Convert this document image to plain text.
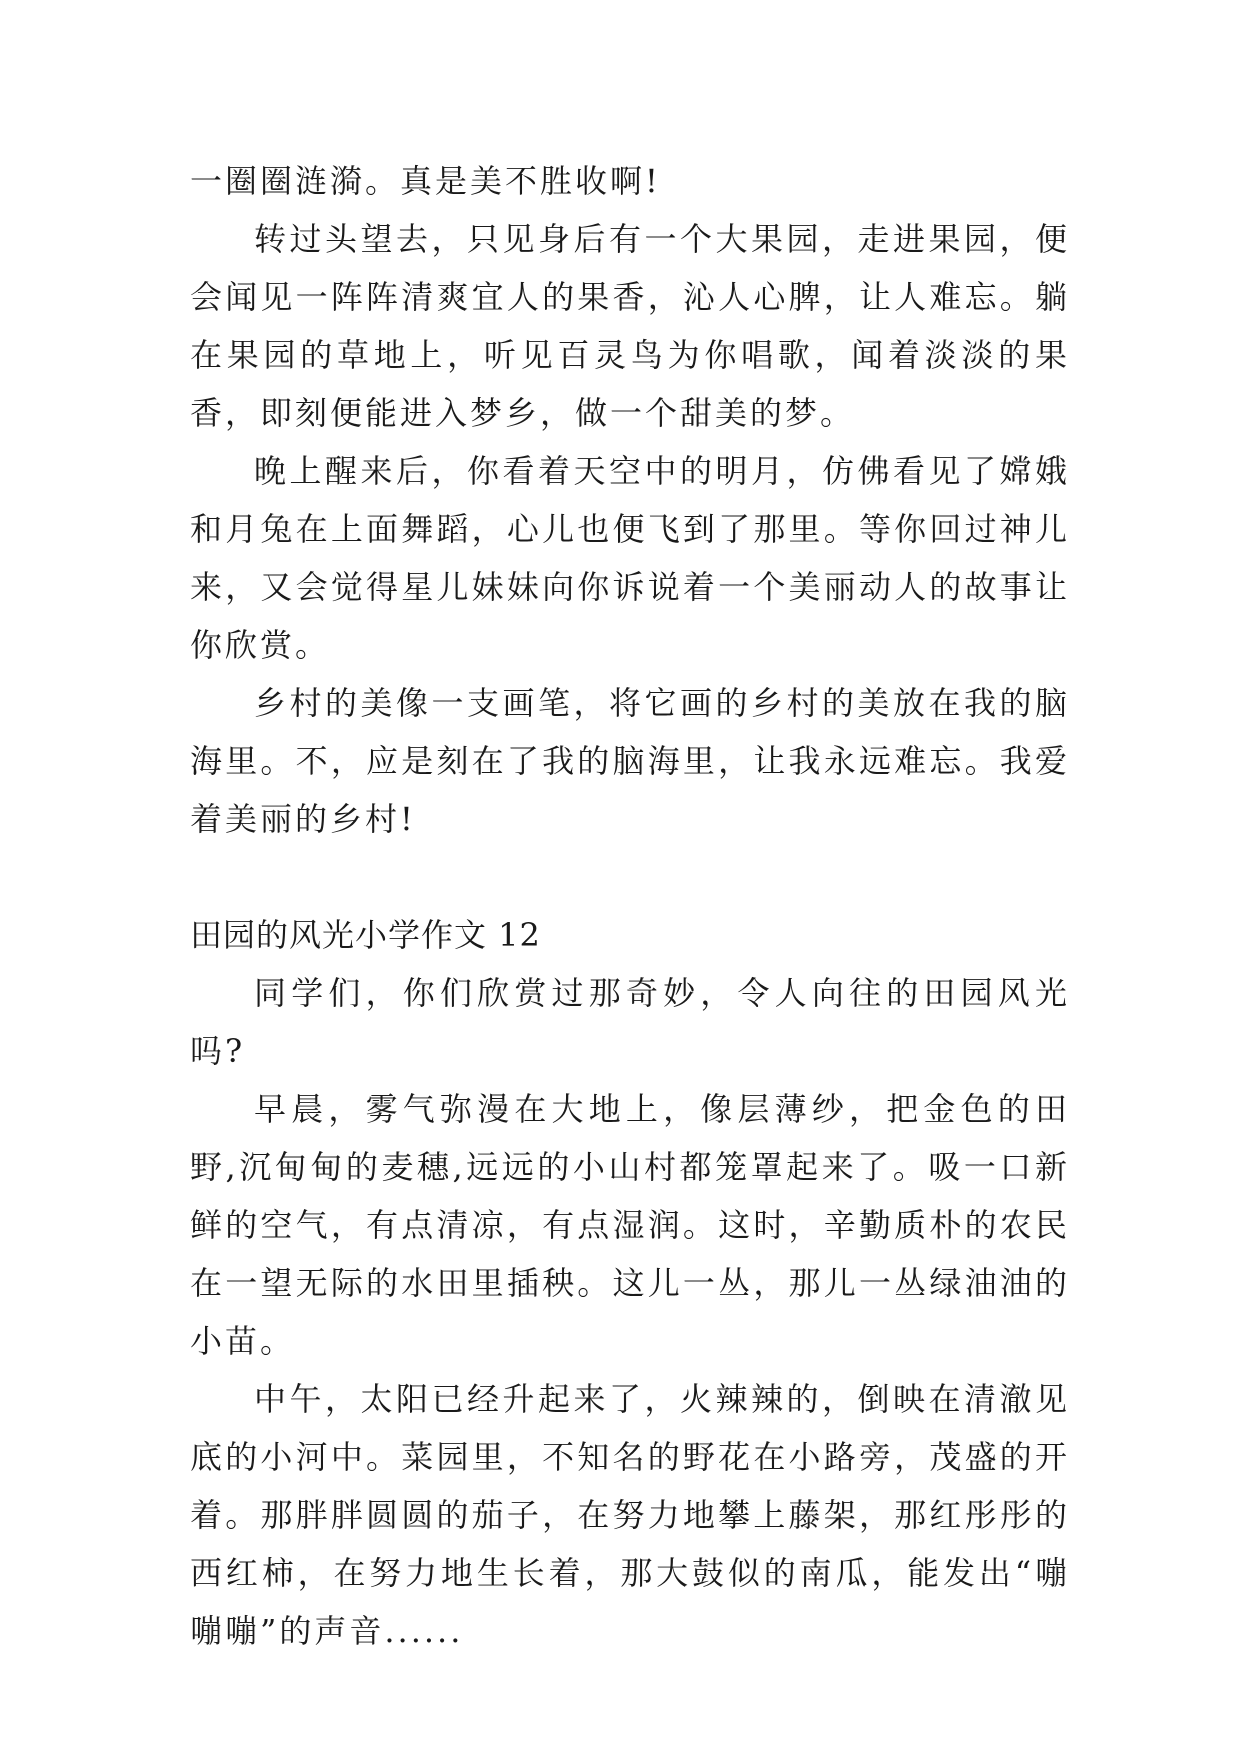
一圈圈涟漪。真是美不胜收啊!

转过头望去，只见身后有一个大果园，走进果园，便会闻见一阵阵清爽宜人的果香，沁人心脾，让人难忘。躺在果园的草地上，听见百灵鸟为你唱歌，闻着淡淡的果香，即刻便能进入梦乡，做一个甜美的梦。

晚上醒来后，你看着天空中的明月，仿佛看见了嫦娥和月兔在上面舞蹈，心儿也便飞到了那里。等你回过神儿来，又会觉得星儿妹妹向你诉说着一个美丽动人的故事让你欣赏。

乡村的美像一支画笔，将它画的乡村的美放在我的脑海里。不，应是刻在了我的脑海里，让我永远难忘。我爱着美丽的乡村!

田园的风光小学作文 12

同学们，你们欣赏过那奇妙，令人向往的田园风光吗?

早晨，雾气弥漫在大地上，像层薄纱，把金色的田野,沉甸甸的麦穗,远远的小山村都笼罩起来了。吸一口新鲜的空气，有点清凉，有点湿润。这时，辛勤质朴的农民在一望无际的水田里插秧。这儿一丛，那儿一丛绿油油的小苗。

中午，太阳已经升起来了，火辣辣的，倒映在清澈见底的小河中。菜园里，不知名的野花在小路旁，茂盛的开着。那胖胖圆圆的茄子，在努力地攀上藤架，那红彤彤的西红柿，在努力地生长着，那大鼓似的南瓜，能发出“嘣嘣嘣”的声音......
